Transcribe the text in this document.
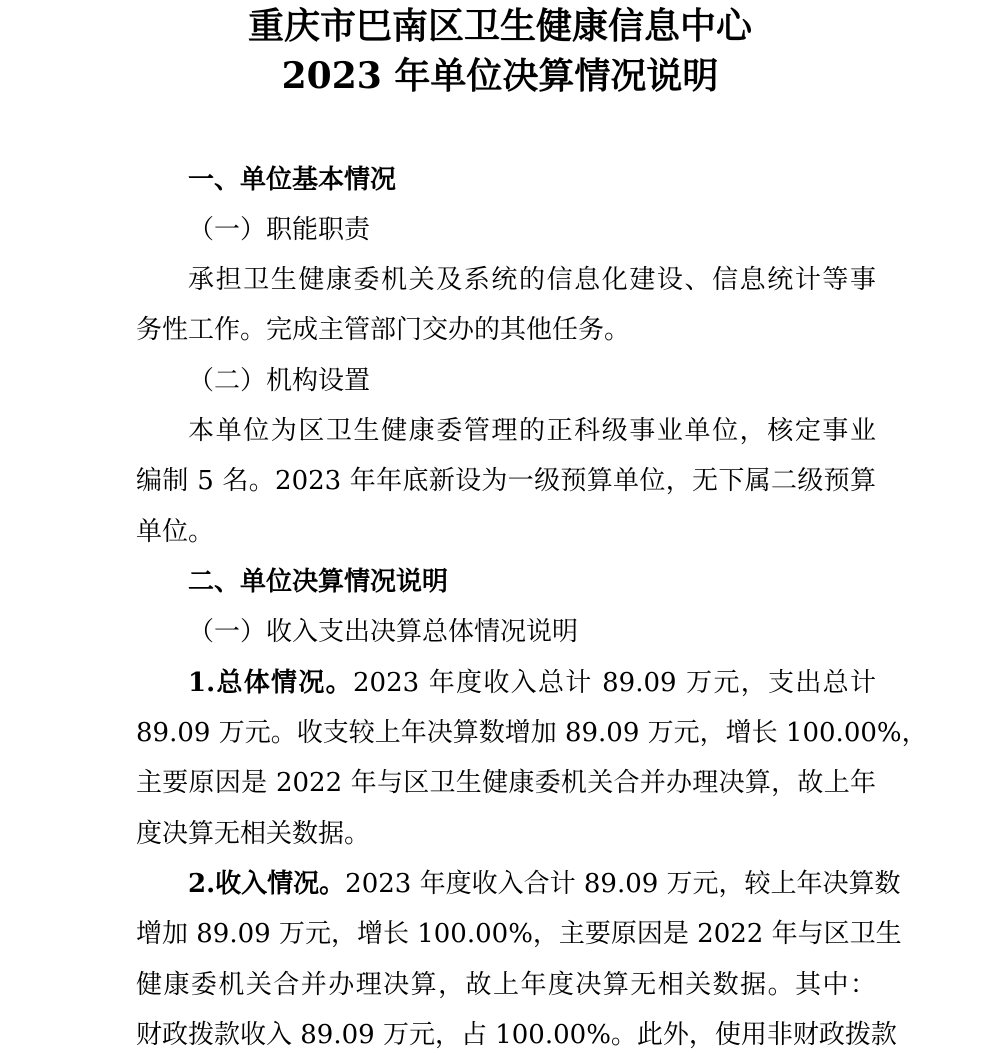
重庆市巴南区卫生健康信息中心
2023 年单位决算情况说明
一、单位基本情况
（一）职能职责
承担卫生健康委机关及系统的信息化建设、信息统计等事
务性工作。完成主管部门交办的其他任务。
（二）机构设置
本单位为区卫生健康委管理的正科级事业单位，核定事业
编制 5 名。2023 年年底新设为一级预算单位，无下属二级预算
单位。
二、单位决算情况说明
（一）收入支出决算总体情况说明
1.总体情况。2023 年度收入总计 89.09 万元，支出总计
89.09 万元。收支较上年决算数增加 89.09 万元，增长 100.00%，
主要原因是 2022 年与区卫生健康委机关合并办理决算，故上年
度决算无相关数据。
2.收入情况。2023 年度收入合计 89.09 万元，较上年决算数
增加 89.09 万元，增长 100.00%，主要原因是 2022 年与区卫生
健康委机关合并办理决算，故上年度决算无相关数据。其中：
财政拨款收入 89.09 万元，占 100.00%。此外，使用非财政拨款
